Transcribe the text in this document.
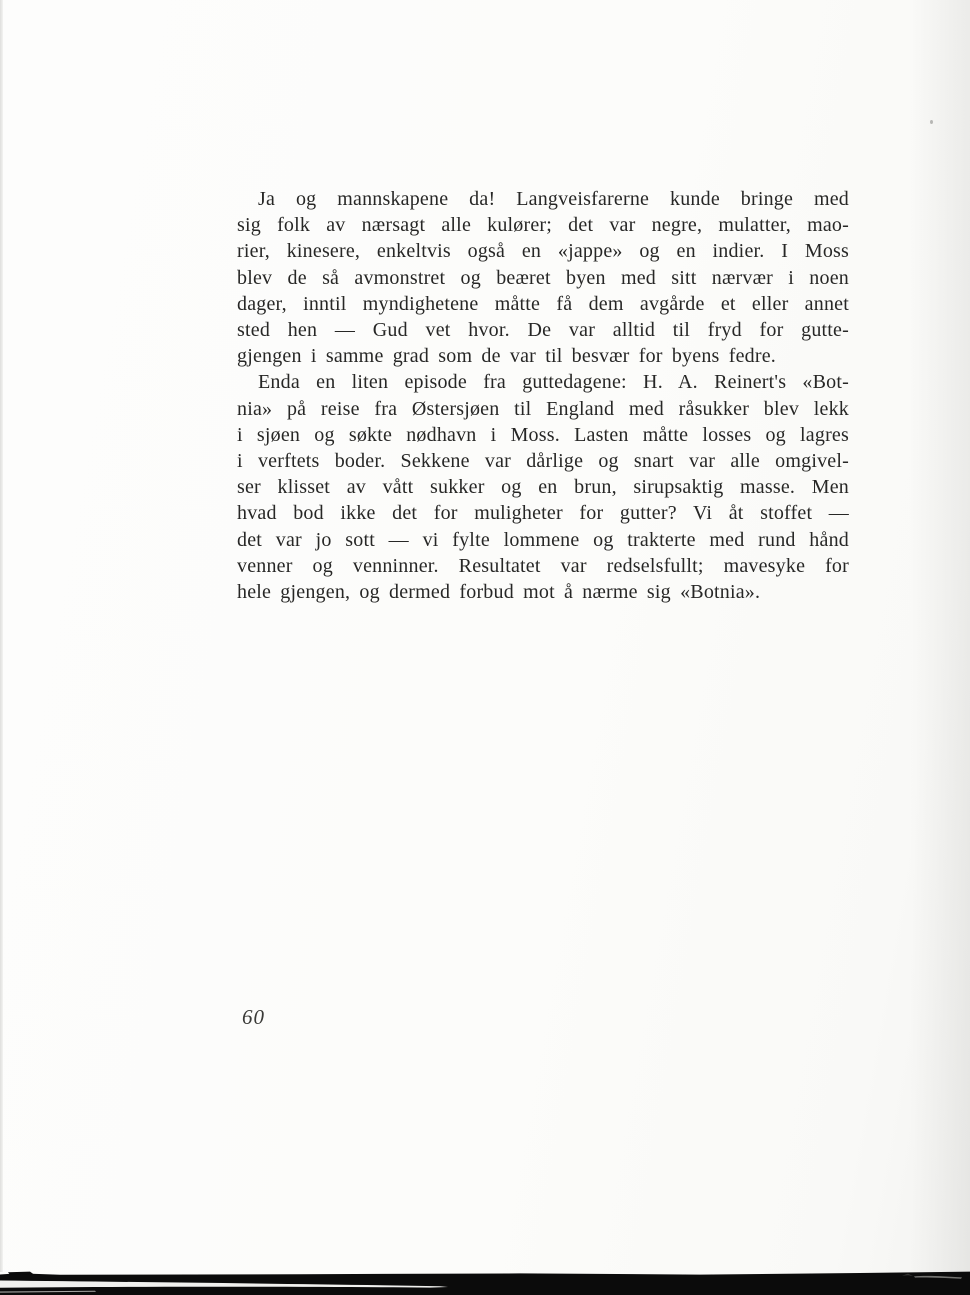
Ja og mannskapene da! Langveisfarerne kunde bringe med
sig folk av nærsagt alle kulører; det var negre, mulatter, mao-
rier, kinesere, enkeltvis også en «jappe» og en indier. I Moss
blev de så avmonstret og beæret byen med sitt nærvær i noen
dager, inntil myndighetene måtte få dem avgårde et eller annet
sted hen — Gud vet hvor. De var alltid til fryd for gutte-
gjengen i samme grad som de var til besvær for byens fedre.
Enda en liten episode fra guttedagene: H. A. Reinert's «Bot-
nia» på reise fra Østersjøen til England med råsukker blev lekk
i sjøen og søkte nødhavn i Moss. Lasten måtte losses og lagres
i verftets boder. Sekkene var dårlige og snart var alle omgivel-
ser klisset av vått sukker og en brun, sirupsaktig masse. Men
hvad bod ikke det for muligheter for gutter? Vi åt stoffet —
det var jo sott — vi fylte lommene og trakterte med rund hånd
venner og venninner. Resultatet var redselsfullt; mavesyke for
hele gjengen, og dermed forbud mot å nærme sig «Botnia».
60
